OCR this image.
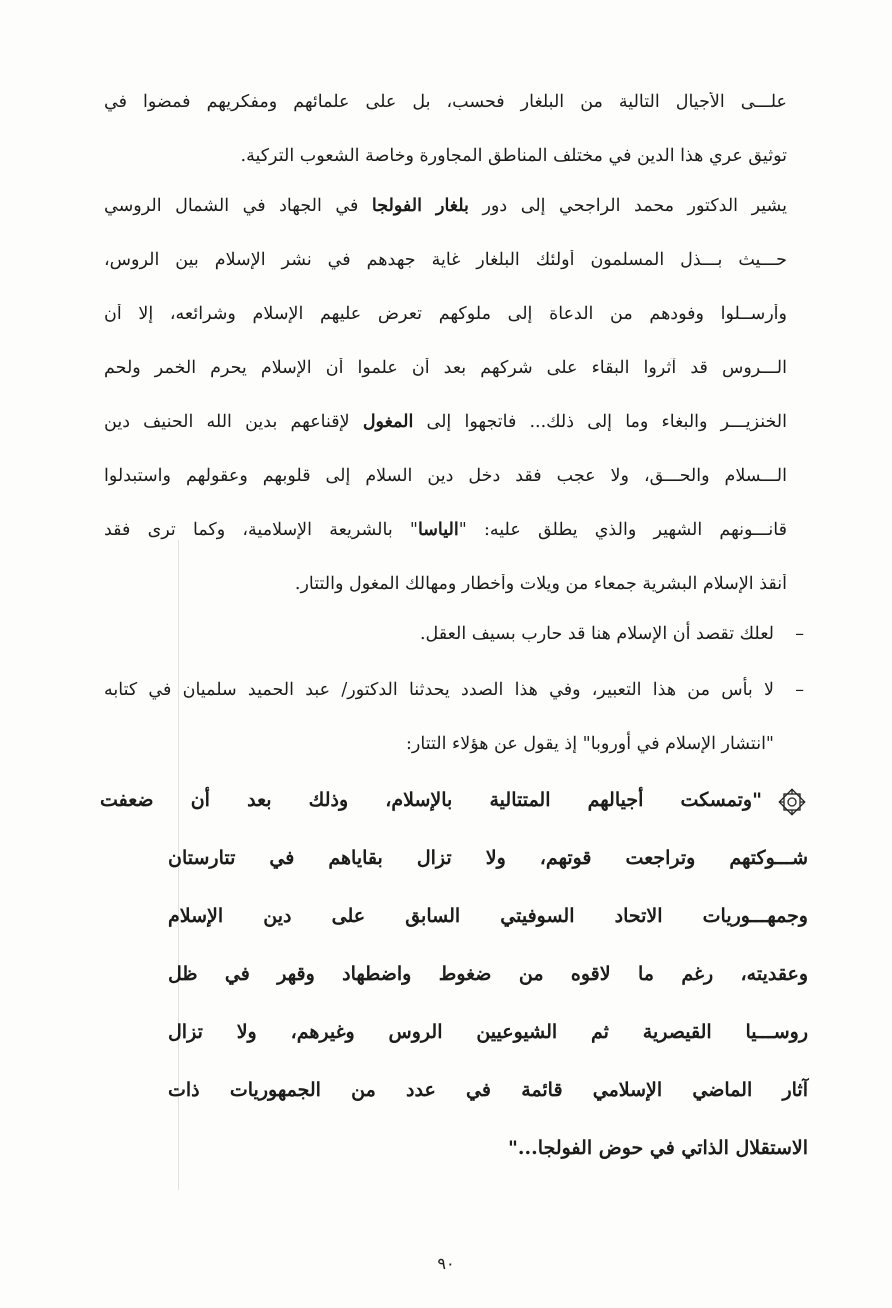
علـــى الأجيال التالية من البلغار فحسب، بل على علمائهم ومفكريهم فمضوا في
توثيق عري هذا الدين في مختلف المناطق المجاورة وخاصة الشعوب التركية.
يشير الدكتور محمد الراجحي إلى دور بلغار الفولجا في الجهاد في الشمال الروسي
حـــيث بـــذل المسلمون أولئك البلغار غاية جهدهم في نشر الإسلام بين الروس،
وأرســلوا وفودهم من الدعاة إلى ملوكهم تعرض عليهم الإسلام وشرائعه، إلا أن
الـــروس قد آثروا البقاء على شركهم بعد أن علموا أن الإسلام يحرم الخمر ولحم
الخنزيـــر والبغاء وما إلى ذلك... فاتجهوا إلى المغول لإقناعهم بدين الله الحنيف دين
الـــسلام والحـــق، ولا عجب فقد دخل دين السلام إلى قلوبهم وعقولهم واستبدلوا
قانـــونهم الشهير والذي يطلق عليه: "الياسا" بالشريعة الإسلامية، وكما ترى فقد
أنقذ الإسلام البشرية جمعاء من ويلات وأخطار ومهالك المغول والتتار.
–
لعلك تقصد أن الإسلام هنا قد حارب بسيف العقل.
–
لا بأس من هذا التعبير، وفي هذا الصدد يحدثنا الدكتور/ عبد الحميد سلميان في كتابه
"انتشار الإسلام في أوروبا" إذ يقول عن هؤلاء التتار:
"وتمسكت أجيالهم المتتالية بالإسلام، وذلك بعد أن ضعفت
شـــوكتهم وتراجعت قوتهم، ولا تزال بقاياهم في تتارستان
وجمهـــوريات الاتحاد السوفيتي السابق على دين الإسلام
وعقديته، رغم ما لاقوه من ضغوط واضطهاد وقهر في ظل
روســـيا القيصرية ثم الشيوعيين الروس وغيرهم، ولا تزال
آثار الماضي الإسلامي قائمة في عدد من الجمهوريات ذات
الاستقلال الذاتي في حوض الفولجا..."
٩٠
